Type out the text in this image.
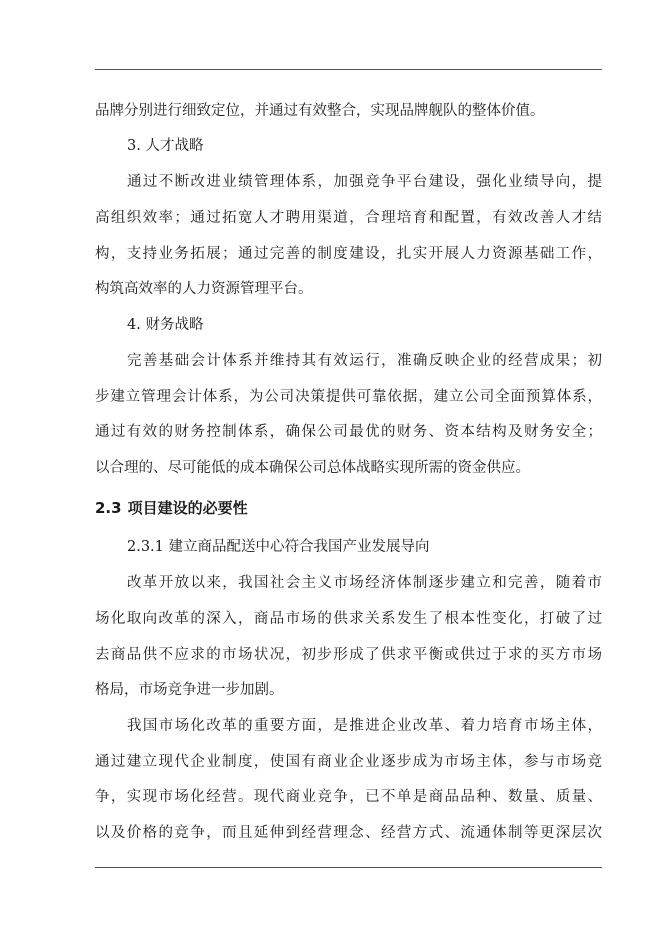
品牌分别进行细致定位，并通过有效整合，实现品牌舰队的整体价值。
3. 人才战略
通过不断改进业绩管理体系，加强竞争平台建设，强化业绩导向，提
高组织效率；通过拓宽人才聘用渠道，合理培育和配置，有效改善人才结
构，支持业务拓展；通过完善的制度建设，扎实开展人力资源基础工作，
构筑高效率的人力资源管理平台。
4. 财务战略
完善基础会计体系并维持其有效运行，准确反映企业的经营成果；初
步建立管理会计体系，为公司决策提供可靠依据，建立公司全面预算体系，
通过有效的财务控制体系，确保公司最优的财务、资本结构及财务安全；
以合理的、尽可能低的成本确保公司总体战略实现所需的资金供应。
2.3 项目建设的必要性
2.3.1 建立商品配送中心符合我国产业发展导向
改革开放以来，我国社会主义市场经济体制逐步建立和完善，随着市
场化取向改革的深入，商品市场的供求关系发生了根本性变化，打破了过
去商品供不应求的市场状况，初步形成了供求平衡或供过于求的买方市场
格局，市场竞争进一步加剧。
我国市场化改革的重要方面，是推进企业改革、着力培育市场主体，
通过建立现代企业制度，使国有商业企业逐步成为市场主体，参与市场竞
争，实现市场化经营。现代商业竞争，已不单是商品品种、数量、质量、
以及价格的竞争，而且延伸到经营理念、经营方式、流通体制等更深层次
